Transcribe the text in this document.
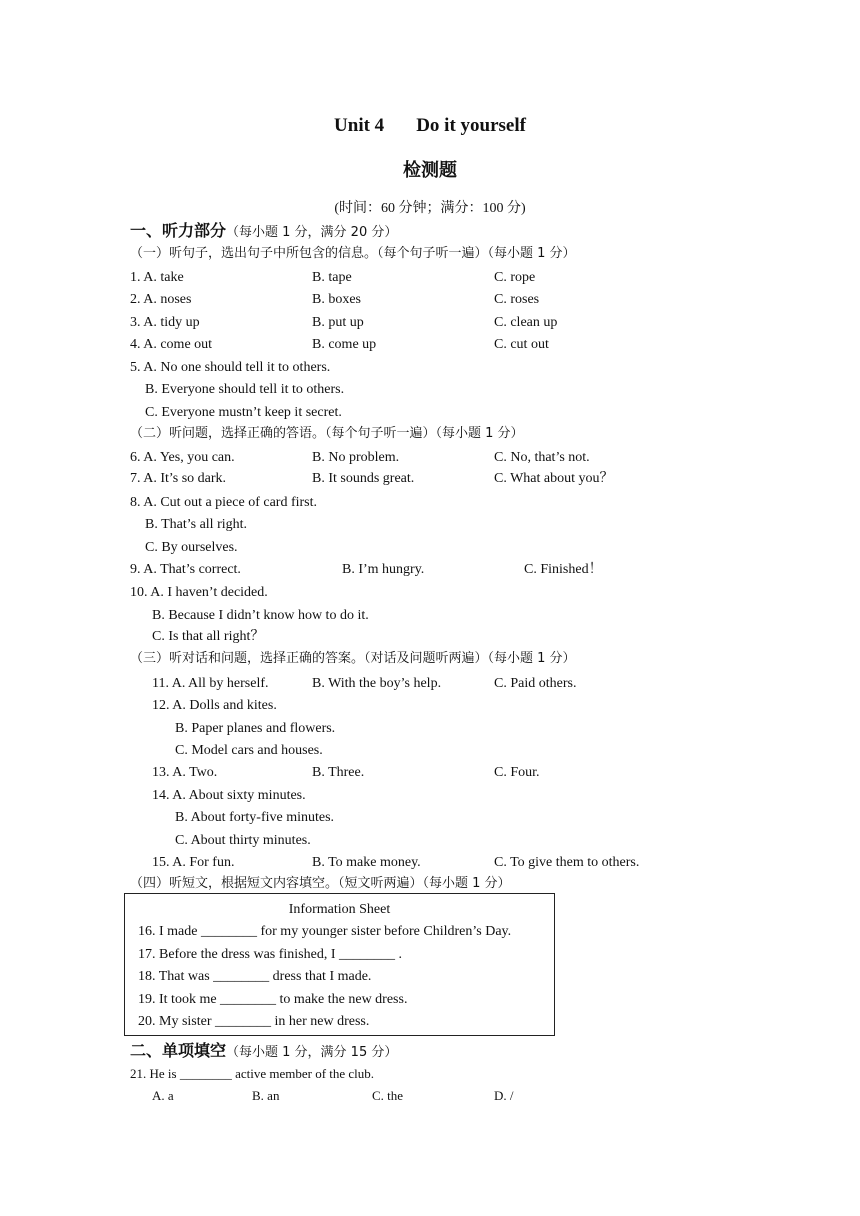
Unit 4 Do it yourself
检测题
(时间：60 分钟；满分：100 分)
一、听力部分（每小题 1 分，满分 20 分）
（一）听句子，选出句子中所包含的信息。（每个句子听一遍）（每小题 1 分）
1. A. take	B. tape	C. rope
2. A. noses	B. boxes	C. roses
3. A. tidy up	B. put up	C. clean up
4. A. come out	B. come up	C. cut out
5. A. No one should tell it to others.
B. Everyone should tell it to others.
C. Everyone mustn’t keep it secret.
（二）听问题，选择正确的答语。（每个句子听一遍）（每小题 1 分）
6. A. Yes, you can.	B. No problem.	C. No, that’s not.
7. A. It’s so dark.	B. It sounds great.	C. What about you？
8. A. Cut out a piece of card first.
B. That’s all right.
C. By ourselves.
9. A. That’s correct.	B. I’m hungry.	C. Finished！
10. A. I haven’t decided.
B. Because I didn’t know how to do it.
C. Is that all right？
（三）听对话和问题，选择正确的答案。（对话及问题听两遍）（每小题 1 分）
11. A. All by herself.	B. With the boy’s help.	C. Paid others.
12. A. Dolls and kites.
B. Paper planes and flowers.
C. Model cars and houses.
13. A. Two.	B. Three.	C. Four.
14. A. About sixty minutes.
B. About forty-five minutes.
C. About thirty minutes.
15. A. For fun.	B. To make money.	C. To give them to others.
（四）听短文，根据短文内容填空。（短文听两遍）（每小题 1 分）
Information Sheet
16. I made ________ for my younger sister before Children’s Day.
17. Before the dress was finished, I ________ .
18. That was ________ dress that I made.
19. It took me ________ to make the new dress.
20. My sister ________ in her new dress.
二、单项填空（每小题 1 分，满分 15 分）
21. He is ________ active member of the club.
A. a	B. an	C. the	D. /
